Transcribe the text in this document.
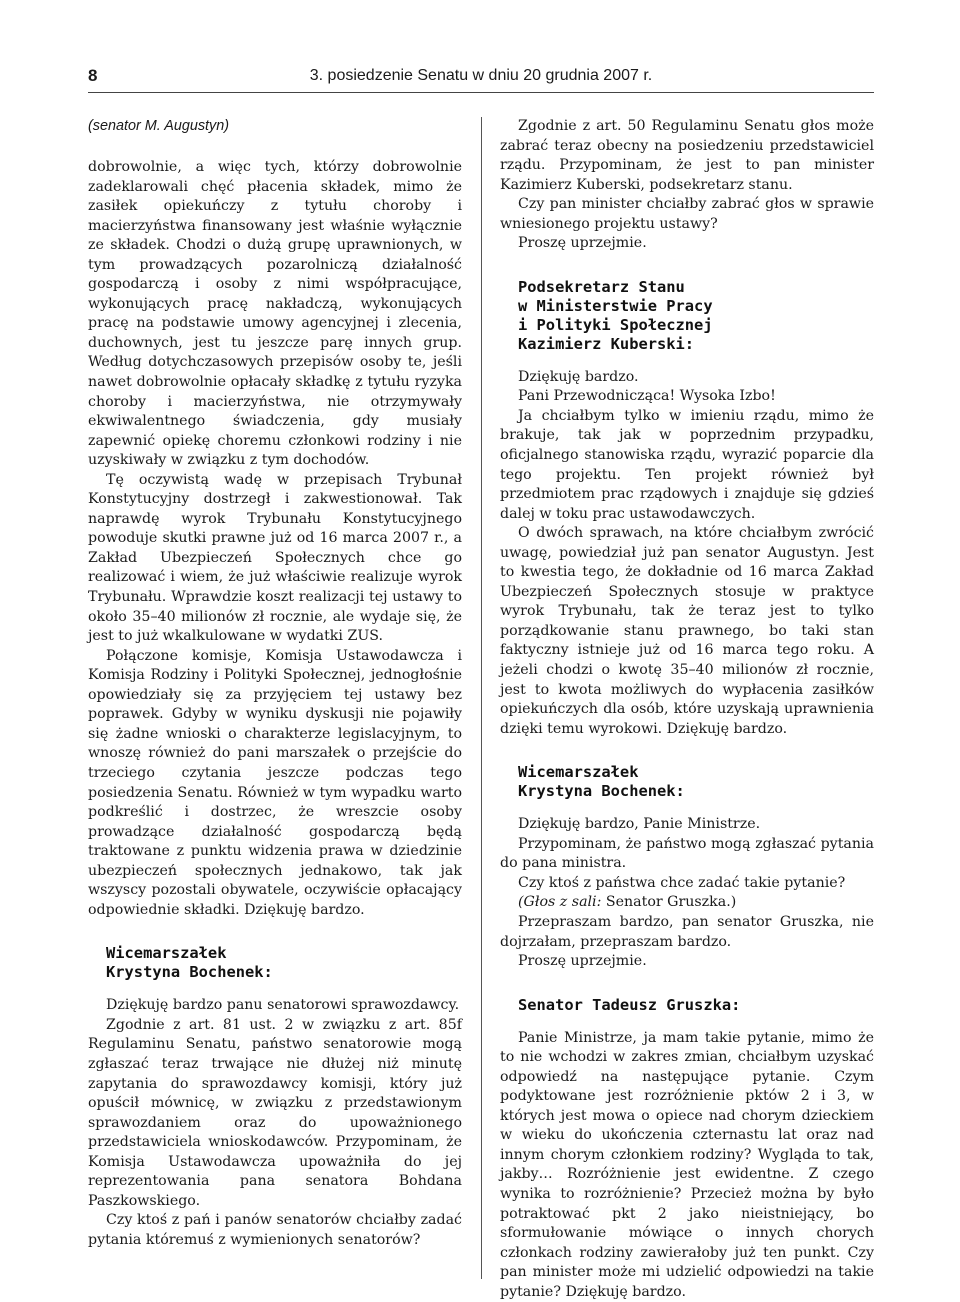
8	3. posiedzenie Senatu w dniu 20 grudnia 2007 r.

(senator M. Augustyn)

dobrowolnie, a więc tych, którzy dobrowolnie zadeklarowali chęć płacenia składek, mimo że zasiłek opiekuńczy z tytułu choroby i macierzyństwa finansowany jest właśnie wyłącznie ze składek. Chodzi o dużą grupę uprawnionych, w tym prowadzących pozarolniczą działalność gospodarczą i osoby z nimi współpracujące, wykonujących pracę nakładczą, wykonujących pracę na podstawie umowy agencyjnej i zlecenia, duchownych, jest tu jeszcze parę innych grup. Według dotychczasowych przepisów osoby te, jeśli nawet dobrowolnie opłacały składkę z tytułu ryzyka choroby i macierzyństwa, nie otrzymywały ekwiwalentnego świadczenia, gdy musiały zapewnić opiekę choremu członkowi rodziny i nie uzyskiwały w związku z tym dochodów.

Tę oczywistą wadę w przepisach Trybunał Konstytucyjny dostrzegł i zakwestionował. Tak naprawdę wyrok Trybunału Konstytucyjnego powoduje skutki prawne już od 16 marca 2007 r., a Zakład Ubezpieczeń Społecznych chce go realizować i wiem, że już właściwie realizuje wyrok Trybunału. Wprawdzie koszt realizacji tej ustawy to około 35–40 milionów zł rocznie, ale wydaje się, że jest to już wkalkulowane w wydatki ZUS.

Połączone komisje, Komisja Ustawodawcza i Komisja Rodziny i Polityki Społecznej, jednogłośnie opowiedziały się za przyjęciem tej ustawy bez poprawek. Gdyby w wyniku dyskusji nie pojawiły się żadne wnioski o charakterze legislacyjnym, to wnoszę również do pani marszałek o przejście do trzeciego czytania jeszcze podczas tego posiedzenia Senatu. Również w tym wypadku warto podkreślić i dostrzec, że wreszcie osoby prowadzące działalność gospodarczą będą traktowane z punktu widzenia prawa w dziedzinie ubezpieczeń społecznych jednakowo, tak jak wszyscy pozostali obywatele, oczywiście opłacający odpowiednie składki. Dziękuję bardzo.

Wicemarszałek
Krystyna Bochenek:

Dziękuję bardzo panu senatorowi sprawozdawcy.

Zgodnie z art. 81 ust. 2 w związku z art. 85f Regulaminu Senatu, państwo senatorowie mogą zgłaszać teraz trwające nie dłużej niż minutę zapytania do sprawozdawcy komisji, który już opuścił mównicę, w związku z przedstawionym sprawozdaniem oraz do upoważnionego przedstawiciela wnioskodawców. Przypominam, że Komisja Ustawodawcza upoważniła do jej reprezentowania pana senatora Bohdana Paszkowskiego.

Czy ktoś z pań i panów senatorów chciałby zadać pytania któremuś z wymienionych senatorów?

Zgodnie z art. 50 Regulaminu Senatu głos może zabrać teraz obecny na posiedzeniu przedstawiciel rządu. Przypominam, że jest to pan minister Kazimierz Kuberski, podsekretarz stanu.

Czy pan minister chciałby zabrać głos w sprawie wniesionego projektu ustawy?

Proszę uprzejmie.

Podsekretarz Stanu
w Ministerstwie Pracy
i Polityki Społecznej
Kazimierz Kuberski:

Dziękuję bardzo.

Pani Przewodnicząca! Wysoka Izbo!

Ja chciałbym tylko w imieniu rządu, mimo że brakuje, tak jak w poprzednim przypadku, oficjalnego stanowiska rządu, wyrazić poparcie dla tego projektu. Ten projekt również był przedmiotem prac rządowych i znajduje się gdzieś dalej w toku prac ustawodawczych.

O dwóch sprawach, na które chciałbym zwrócić uwagę, powiedział już pan senator Augustyn. Jest to kwestia tego, że dokładnie od 16 marca Zakład Ubezpieczeń Społecznych stosuje w praktyce wyrok Trybunału, tak że teraz jest to tylko porządkowanie stanu prawnego, bo taki stan faktyczny istnieje już od 16 marca tego roku. A jeżeli chodzi o kwotę 35–40 milionów zł rocznie, jest to kwota możliwych do wypłacenia zasiłków opiekuńczych dla osób, które uzyskają uprawnienia dzięki temu wyrokowi. Dziękuję bardzo.

Wicemarszałek
Krystyna Bochenek:

Dziękuję bardzo, Panie Ministrze.

Przypominam, że państwo mogą zgłaszać pytania do pana ministra.

Czy ktoś z państwa chce zadać takie pytanie?

(Głos z sali: Senator Gruszka.)

Przepraszam bardzo, pan senator Gruszka, nie dojrzałam, przepraszam bardzo.

Proszę uprzejmie.

Senator Tadeusz Gruszka:

Panie Ministrze, ja mam takie pytanie, mimo że to nie wchodzi w zakres zmian, chciałbym uzyskać odpowiedź na następujące pytanie. Czym podyktowane jest rozróżnienie pktów 2 i 3, w których jest mowa o opiece nad chorym dzieckiem w wieku do ukończenia czternastu lat oraz nad innym chorym członkiem rodziny? Wygląda to tak, jakby… Rozróżnienie jest ewidentne. Z czego wynika to rozróżnienie? Przecież można by było potraktować pkt 2 jako nieistniejący, bo sformułowanie mówiące o innych chorych członkach rodziny zawierałoby już ten punkt. Czy pan minister może mi udzielić odpowiedzi na takie pytanie? Dziękuję bardzo.
